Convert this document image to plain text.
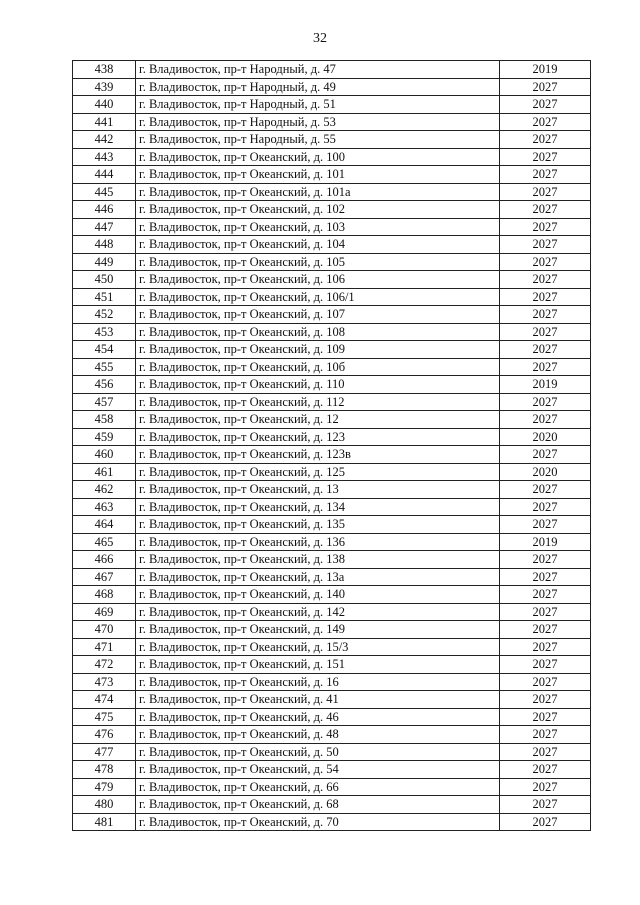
32
438	г. Владивосток, пр-т Народный, д. 47	2019
439	г. Владивосток, пр-т Народный, д. 49	2027
440	г. Владивосток, пр-т Народный, д. 51	2027
441	г. Владивосток, пр-т Народный, д. 53	2027
442	г. Владивосток, пр-т Народный, д. 55	2027
443	г. Владивосток, пр-т Океанский, д. 100	2027
444	г. Владивосток, пр-т Океанский, д. 101	2027
445	г. Владивосток, пр-т Океанский, д. 101а	2027
446	г. Владивосток, пр-т Океанский, д. 102	2027
447	г. Владивосток, пр-т Океанский, д. 103	2027
448	г. Владивосток, пр-т Океанский, д. 104	2027
449	г. Владивосток, пр-т Океанский, д. 105	2027
450	г. Владивосток, пр-т Океанский, д. 106	2027
451	г. Владивосток, пр-т Океанский, д. 106/1	2027
452	г. Владивосток, пр-т Океанский, д. 107	2027
453	г. Владивосток, пр-т Океанский, д. 108	2027
454	г. Владивосток, пр-т Океанский, д. 109	2027
455	г. Владивосток, пр-т Океанский, д. 10б	2027
456	г. Владивосток, пр-т Океанский, д. 110	2019
457	г. Владивосток, пр-т Океанский, д. 112	2027
458	г. Владивосток, пр-т Океанский, д. 12	2027
459	г. Владивосток, пр-т Океанский, д. 123	2020
460	г. Владивосток, пр-т Океанский, д. 123в	2027
461	г. Владивосток, пр-т Океанский, д. 125	2020
462	г. Владивосток, пр-т Океанский, д. 13	2027
463	г. Владивосток, пр-т Океанский, д. 134	2027
464	г. Владивосток, пр-т Океанский, д. 135	2027
465	г. Владивосток, пр-т Океанский, д. 136	2019
466	г. Владивосток, пр-т Океанский, д. 138	2027
467	г. Владивосток, пр-т Океанский, д. 13а	2027
468	г. Владивосток, пр-т Океанский, д. 140	2027
469	г. Владивосток, пр-т Океанский, д. 142	2027
470	г. Владивосток, пр-т Океанский, д. 149	2027
471	г. Владивосток, пр-т Океанский, д. 15/3	2027
472	г. Владивосток, пр-т Океанский, д. 151	2027
473	г. Владивосток, пр-т Океанский, д. 16	2027
474	г. Владивосток, пр-т Океанский, д. 41	2027
475	г. Владивосток, пр-т Океанский, д. 46	2027
476	г. Владивосток, пр-т Океанский, д. 48	2027
477	г. Владивосток, пр-т Океанский, д. 50	2027
478	г. Владивосток, пр-т Океанский, д. 54	2027
479	г. Владивосток, пр-т Океанский, д. 66	2027
480	г. Владивосток, пр-т Океанский, д. 68	2027
481	г. Владивосток, пр-т Океанский, д. 70	2027
